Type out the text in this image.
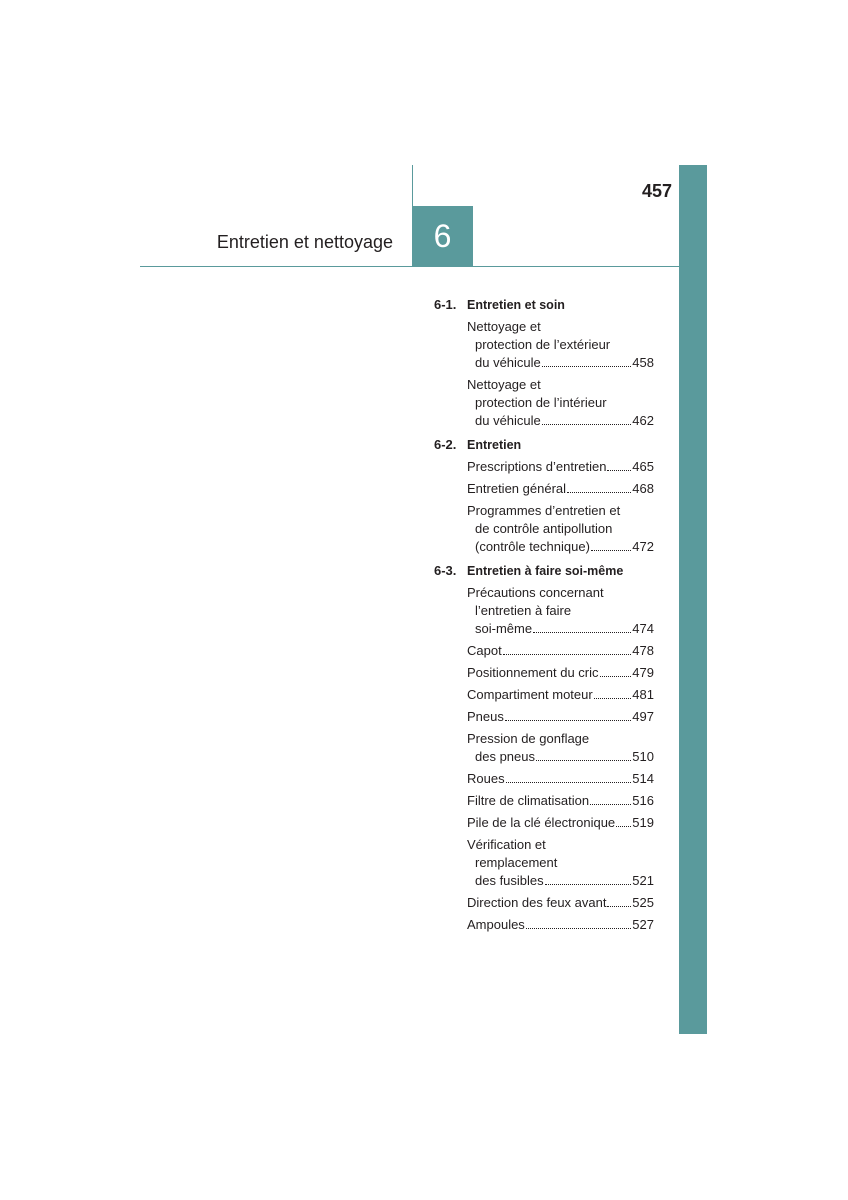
457
Entretien et nettoyage	6
6-1. Entretien et soin
Nettoyage et
protection de l’extérieur
du véhicule	458
Nettoyage et
protection de l’intérieur
du véhicule	462
6-2. Entretien
Prescriptions d’entretien 465
Entretien général	468
Programmes d’entretien et
de contrôle antipollution
(contrôle technique)	472
6-3. Entretien à faire soi-même
Précautions concernant
l’entretien à faire
soi-même	474
Capot	478
Positionnement du cric	479
Compartiment moteur	481
Pneus	497
Pression de gonflage
des pneus	510
Roues	514
Filtre de climatisation	516
Pile de la clé électronique 519
Vérification et
remplacement
des fusibles	521
Direction des feux avant 525
Ampoules	527
